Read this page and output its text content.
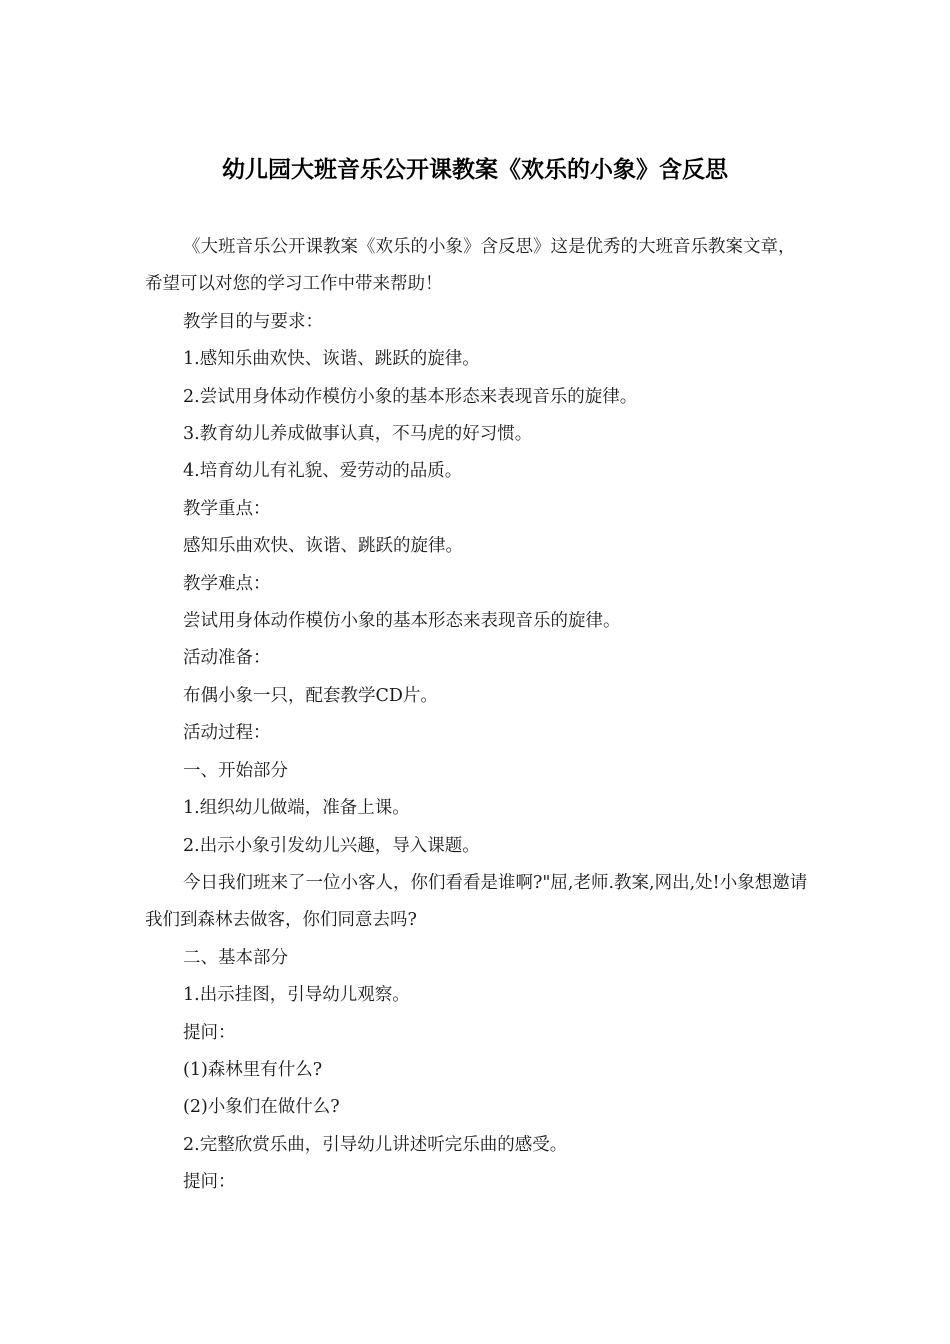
幼儿园大班音乐公开课教案《欢乐的小象》含反思

《大班音乐公开课教案《欢乐的小象》含反思》这是优秀的大班音乐教案文章，希望可以对您的学习工作中带来帮助！

教学目的与要求：

1.感知乐曲欢快、诙谐、跳跃的旋律。

2.尝试用身体动作模仿小象的基本形态来表现音乐的旋律。

3.教育幼儿养成做事认真，不马虎的好习惯。

4.培育幼儿有礼貌、爱劳动的品质。

教学重点：

感知乐曲欢快、诙谐、跳跃的旋律。

教学难点：

尝试用身体动作模仿小象的基本形态来表现音乐的旋律。

活动准备：

布偶小象一只，配套教学CD片。

活动过程：

一、开始部分

1.组织幼儿做端，准备上课。

2.出示小象引发幼儿兴趣，导入课题。

今日我们班来了一位小客人，你们看看是谁啊?"屈,老师.教案,网出,处!小象想邀请我们到森林去做客，你们同意去吗?

二、基本部分

1.出示挂图，引导幼儿观察。

提问：

(1)森林里有什么?

(2)小象们在做什么?

2.完整欣赏乐曲，引导幼儿讲述听完乐曲的感受。

提问：
